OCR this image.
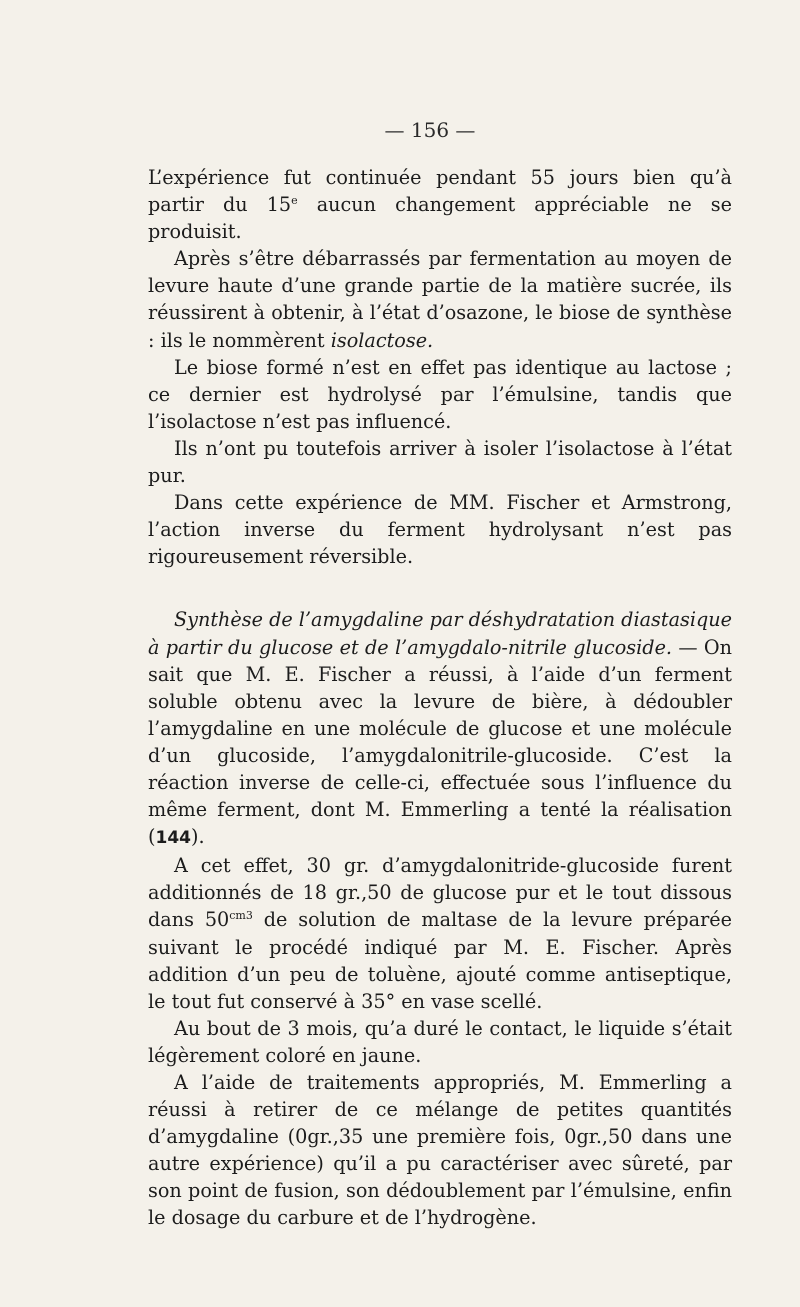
— 156 —

L’expérience fut continuée pendant 55 jours bien qu’à partir du 15e aucun changement appréciable ne se produisit.

Après s’être débarrassés par fermentation au moyen de levure haute d’une grande partie de la matière sucrée, ils réussirent à obtenir, à l’état d’osazone, le biose de synthèse : ils le nommèrent isolactose.

Le biose formé n’est en effet pas identique au lactose ; ce dernier est hydrolysé par l’émulsine, tandis que l’isolactose n’est pas influencé.

Ils n’ont pu toutefois arriver à isoler l’isolactose à l’état pur.

Dans cette expérience de MM. Fischer et Armstrong, l’action inverse du ferment hydrolysant n’est pas rigoureusement réversible.

Synthèse de l’amygdaline par déshydratation diastasique à partir du glucose et de l’amygdalo-nitrile glucoside. — On sait que M. E. Fischer a réussi, à l’aide d’un ferment soluble obtenu avec la levure de bière, à dédoubler l’amygdaline en une molécule de glucose et une molécule d’un glucoside, l’amygdalonitrile-glucoside. C’est la réaction inverse de celle-ci, effectuée sous l’influence du même ferment, dont M. Emmerling a tenté la réalisation (144).

A cet effet, 30 gr. d’amygdalonitride-glucoside furent additionnés de 18 gr.,50 de glucose pur et le tout dissous dans $50^{cm3}$ de solution de maltase de la levure préparée suivant le procédé indiqué par M. E. Fischer. Après addition d’un peu de toluène, ajouté comme antiseptique, le tout fut conservé à 35° en vase scellé.

Au bout de 3 mois, qu’a duré le contact, le liquide s’était légèrement coloré en jaune.

A l’aide de traitements appropriés, M. Emmerling a réussi à retirer de ce mélange de petites quantités d’amygdaline (0gr.,35 une première fois, 0gr.,50 dans une autre expérience) qu’il a pu caractériser avec sûreté, par son point de fusion, son dédoublement par l’émulsine, enfin le dosage du carbure et de l’hydrogène.
